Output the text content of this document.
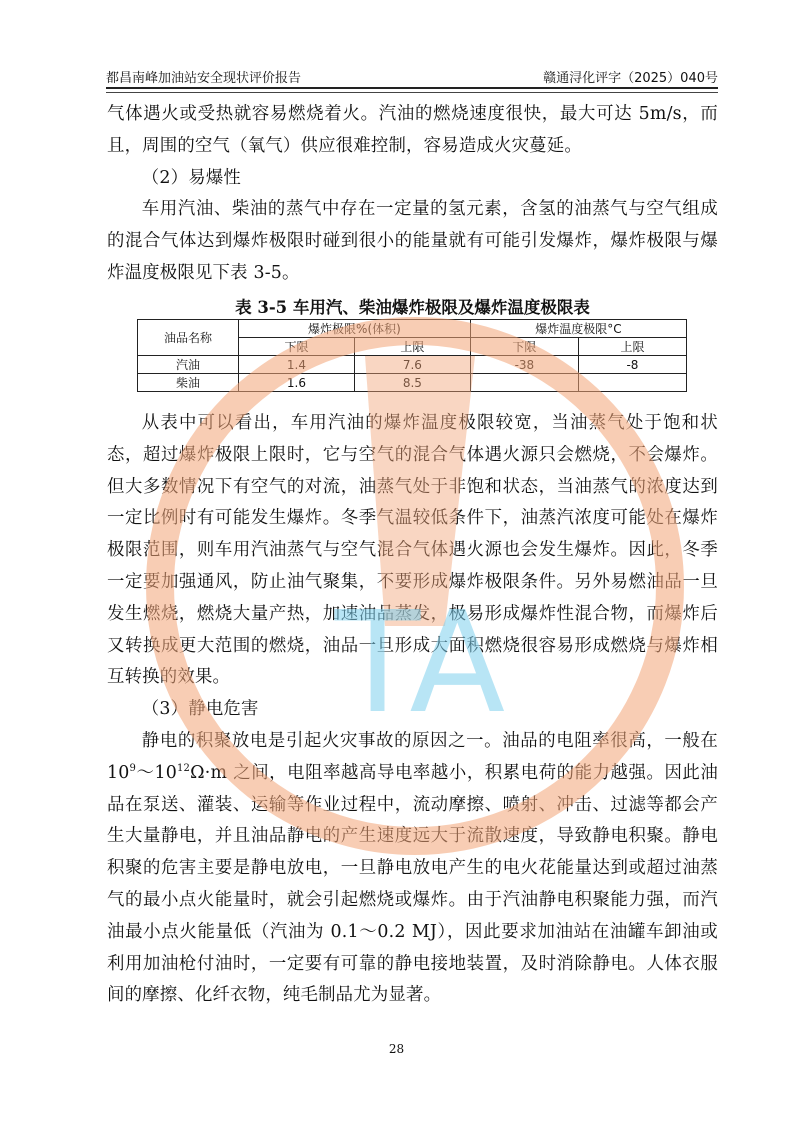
都昌南峰加油站安全现状评价报告	赣通浔化评字（2025）040号

气体遇火或受热就容易燃烧着火。汽油的燃烧速度很快，最大可达 5m/s，而且，周围的空气（氧气）供应很难控制，容易造成火灾蔓延。

（2）易爆性

车用汽油、柴油的蒸气中存在一定量的氢元素，含氢的油蒸气与空气组成的混合气体达到爆炸极限时碰到很小的能量就有可能引发爆炸，爆炸极限与爆炸温度极限见下表 3-5。

表 3-5 车用汽、柴油爆炸极限及爆炸温度极限表
油品名称	爆炸极限%(体积)		爆炸温度极限°C	
	下限	上限	下限	上限
汽油	1.4	7.6	-38	-8
柴油	1.6	8.5		

从表中可以看出，车用汽油的爆炸温度极限较宽，当油蒸气处于饱和状态，超过爆炸极限上限时，它与空气的混合气体遇火源只会燃烧，不会爆炸。但大多数情况下有空气的对流，油蒸气处于非饱和状态，当油蒸气的浓度达到一定比例时有可能发生爆炸。冬季气温较低条件下，油蒸汽浓度可能处在爆炸极限范围，则车用汽油蒸气与空气混合气体遇火源也会发生爆炸。因此，冬季一定要加强通风，防止油气聚集，不要形成爆炸极限条件。另外易燃油品一旦发生燃烧，燃烧大量产热，加速油品蒸发，极易形成爆炸性混合物，而爆炸后又转换成更大范围的燃烧，油品一旦形成大面积燃烧很容易形成燃烧与爆炸相互转换的效果。

（3）静电危害

静电的积聚放电是引起火灾事故的原因之一。油品的电阻率很高，一般在 $10^9\sim 10^{12}\Omega\cdot m$ 之间，电阻率越高导电率越小，积累电荷的能力越强。因此油品在泵送、灌装、运输等作业过程中，流动摩擦、喷射、冲击、过滤等都会产生大量静电，并且油品静电的产生速度远大于流散速度，导致静电积聚。静电积聚的危害主要是静电放电，一旦静电放电产生的电火花能量达到或超过油蒸气的最小点火能量时，就会引起燃烧或爆炸。由于汽油静电积聚能力强，而汽油最小点火能量低（汽油为 0.1～0.2 MJ），因此要求加油站在油罐车卸油或利用加油枪付油时，一定要有可靠的静电接地装置，及时消除静电。人体衣服间的摩擦、化纤衣物，纯毛制品尤为显著。

TA
28
